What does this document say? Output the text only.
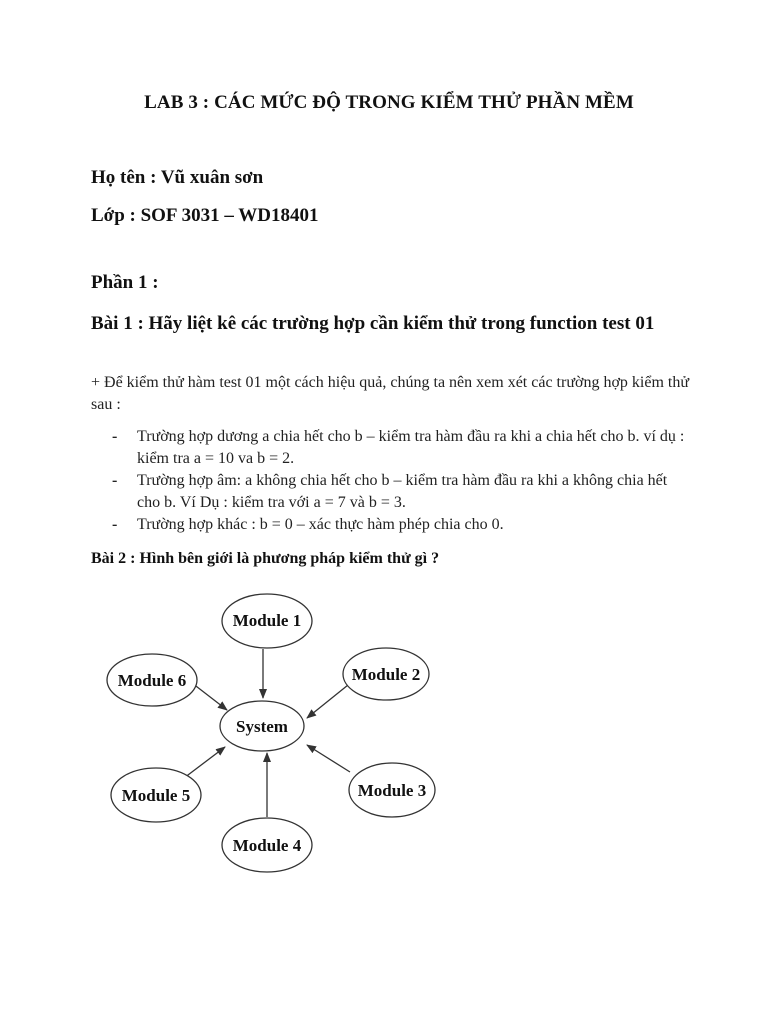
LAB 3 : CÁC MỨC ĐỘ TRONG KIỂM THỬ PHẦN MỀM
Họ tên : Vũ xuân sơn
Lớp : SOF 3031 – WD18401
Phần 1 :
Bài 1 : Hãy liệt kê các trường hợp cần kiểm thử trong function test 01
+ Để kiểm thử hàm test 01 một cách hiệu quả, chúng ta nên xem xét các trường hợp kiểm thử sau :
- Trường hợp dương a chia hết cho b – kiểm tra hàm đầu ra khi a chia hết cho b. ví dụ : kiểm tra a = 10 va b = 2.
- Trường hợp âm: a không chia hết cho b – kiểm tra hàm đầu ra khi a không chia hết cho b. Ví Dụ : kiểm tra với a = 7 và b = 3.
- Trường hợp khác : b = 0 – xác thực hàm phép chia cho 0.
Bài 2 : Hình bên giới là phương pháp kiểm thử gì ?
System
Module 1
Module 2
Module 3
Module 4
Module 5
Module 6
